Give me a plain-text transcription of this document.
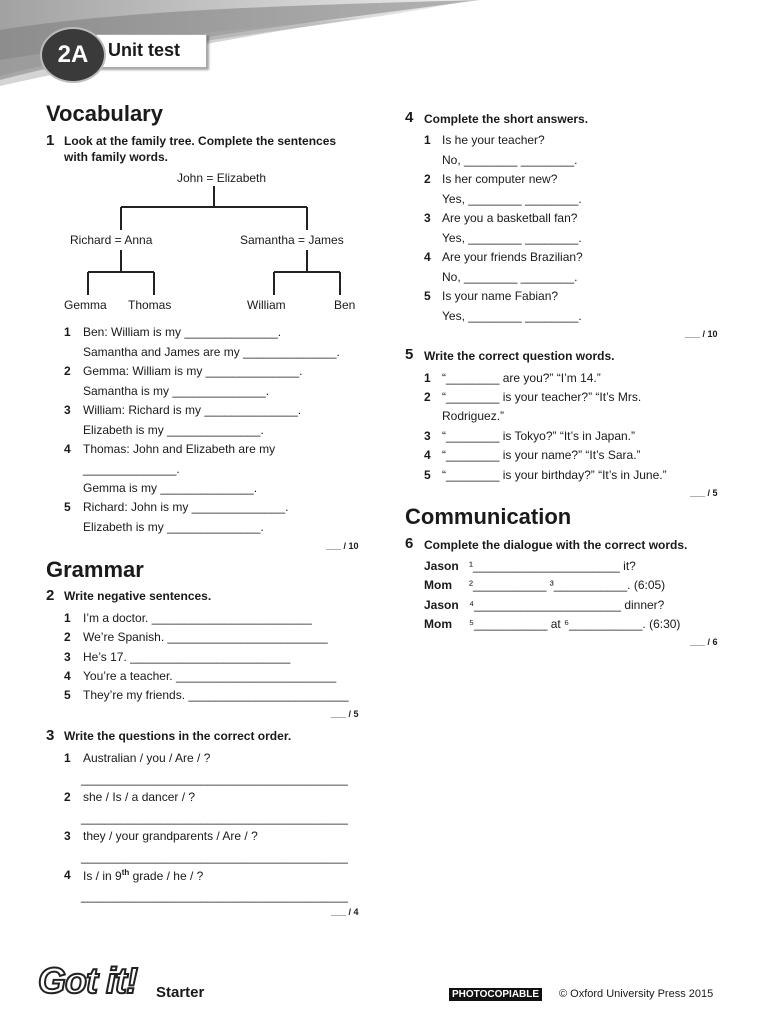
Unit test
2A
Vocabulary
1 Look at the family tree. Complete the sentences
with family words.
John = Elizabeth
Richard = Anna	Samantha = James
Gemma Thomas	William	Ben
1 Ben: William is my ______________.
Samantha and James are my ______________.
2 Gemma: William is my ______________.
Samantha is my ______________.
3 William: Richard is my ______________.
Elizabeth is my ______________.
4 Thomas: John and Elizabeth are my
______________.
Gemma is my ______________.
5 Richard: John is my ______________.
Elizabeth is my ______________.
___ / 10
Grammar
2 Write negative sentences.
1 I’m a doctor. ________________________
2 We’re Spanish. ________________________
3 He’s 17. ________________________
4 You’re a teacher. ________________________
5 They’re my friends. ________________________
___ / 5
3 Write the questions in the correct order.
1 Australian / you / Are / ?
________________________________________
2 she / Is / a dancer / ?
________________________________________
3 they / your grandparents / Are / ?
________________________________________
4 Is / in 9th grade / he / ?
________________________________________
___ / 4
4 Complete the short answers.
1 Is he your teacher?
No, ________ ________.
2 Is her computer new?
Yes, ________ ________.
3 Are you a basketball fan?
Yes, ________ ________.
4 Are your friends Brazilian?
No, ________ ________.
5 Is your name Fabian?
Yes, ________ ________.
___ / 10
5 Write the correct question words.
1 “________ are you?” “I’m 14.”
2 “________ is your teacher?” “It’s Mrs.
Rodriguez.”
3 “________ is Tokyo?” “It’s in Japan.”
4 “________ is your name?” “It’s Sara.”
5 “________ is your birthday?” “It’s in June.”
___ / 5
Communication
6 Complete the dialogue with the correct words.
Jason ¹______________________ it?
Mom ²___________ ³___________. (6:05)
Jason ⁴______________________ dinner?
Mom ⁵___________ at ⁶___________. (6:30)
___ / 6
Got it! Starter	PHOTOCOPIABLE © Oxford University Press 2015
